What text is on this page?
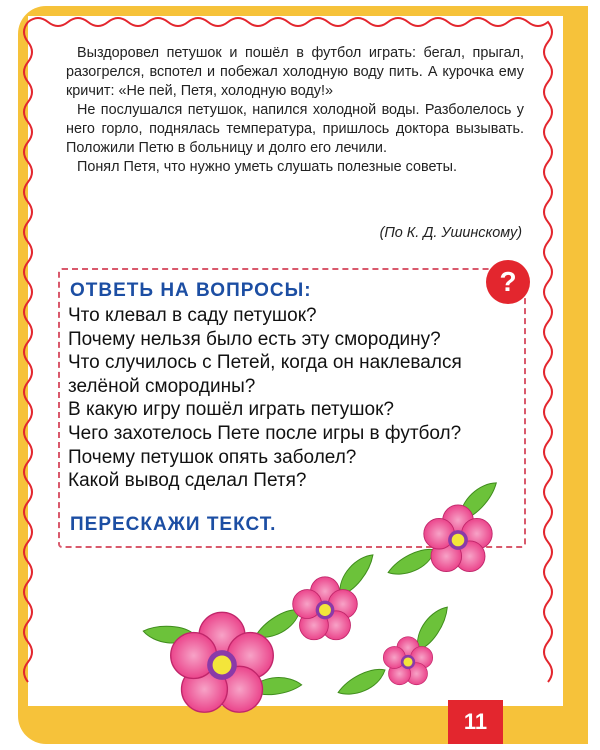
Выздоровел петушок и пошёл в футбол играть: бегал, прыгал, разогрелся, вспотел и побежал холодную воду пить. А курочка ему кричит: «Не пей, Петя, холодную воду!»

Не послушался петушок, напился холодной воды. Разболелось у него горло, поднялась температура, пришлось доктора вызывать. Положили Петю в больницу и долго его лечили.

Понял Петя, что нужно уметь слушать полезные советы.

(По К. Д. Ушинскому)
?
ОТВЕТЬ НА ВОПРОСЫ:
Что клевал в саду петушок?
Почему нельзя было есть эту смородину?
Что случилось с Петей, когда он наклевался зелёной смородины?
В какую игру пошёл играть петушок?
Чего захотелось Пете после игры в футбол?
Почему петушок опять заболел?
Какой вывод сделал Петя?
ПЕРЕСКАЖИ ТЕКСТ.
11
